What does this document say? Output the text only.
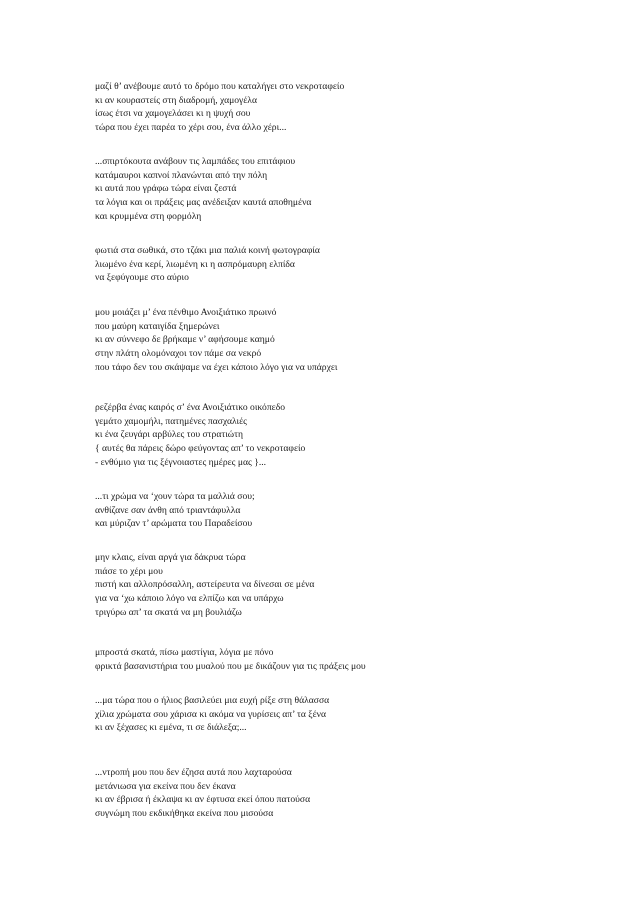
μαζί θ’ ανέβουμε αυτό το δρόμο που καταλήγει στο νεκροταφείο
κι αν κουραστείς στη διαδρομή, χαμογέλα
ίσως έτσι να χαμογελάσει κι η ψυχή σου
τώρα που έχει παρέα το χέρι σου, ένα άλλο χέρι...
...σπιρτόκουτα ανάβουν τις λαμπάδες του επιτάφιου
κατάμαυροι καπνοί πλανώνται από την πόλη
κι αυτά που γράφω τώρα είναι ζεστά
τα λόγια και οι πράξεις μας ανέδειξαν καυτά αποθημένα
και κρυμμένα στη φορμόλη
φωτιά στα σωθικά, στο τζάκι μια παλιά κοινή φωτογραφία
λιωμένο ένα κερί, λιωμένη κι η ασπρόμαυρη ελπίδα
να ξεφύγουμε στο αύριο
μου μοιάζει μ’ ένα πένθιμο Ανοιξιάτικο πρωινό
που μαύρη καταιγίδα ξημερώνει
κι αν σύννεφο δε βρήκαμε ν’ αφήσουμε καημό
στην πλάτη ολομόναχοι τον πάμε σα νεκρό
που τάφο δεν του σκάψαμε να έχει κάποιο λόγο για να υπάρχει
ρεζέρβα ένας καιρός σ’ ένα Ανοιξιάτικο οικόπεδο
γεμάτο χαμομήλι, πατημένες πασχαλιές
κι ένα ζευγάρι αρβύλες του στρατιώτη
{ αυτές θα πάρεις δώρο φεύγοντας απ’ το νεκροταφείο
- ενθύμιο για τις ξέγνοιαστες ημέρες μας }...
...τι χρώμα να ‘χουν τώρα τα μαλλιά σου;
ανθίζανε σαν άνθη από τριαντάφυλλα
και μύριζαν τ’ αρώματα του Παραδείσου
μην κλαις, είναι αργά για δάκρυα τώρα
πιάσε το χέρι μου
πιστή και αλλοπρόσαλλη, αστείρευτα να δίνεσαι σε μένα
για να ‘χω κάποιο λόγο να ελπίζω και να υπάρχω
τριγύρω απ’ τα σκατά να μη βουλιάζω
μπροστά σκατά, πίσω μαστίγια, λόγια με πόνο
φρικτά βασανιστήρια του μυαλού που με δικάζουν για τις πράξεις μου
...μα τώρα που ο ήλιος βασιλεύει μια ευχή ρίξε στη θάλασσα
χίλια χρώματα σου χάρισα κι ακόμα να γυρίσεις απ’ τα ξένα
κι αν ξέχασες κι εμένα, τι σε διάλεξα;...
...ντροπή μου που δεν έζησα αυτά που λαχταρούσα
μετάνιωσα για εκείνα που δεν έκανα
κι αν έβρισα ή έκλαψα κι αν έφτυσα εκεί όπου πατούσα
συγνώμη που εκδικήθηκα εκείνα που μισούσα
